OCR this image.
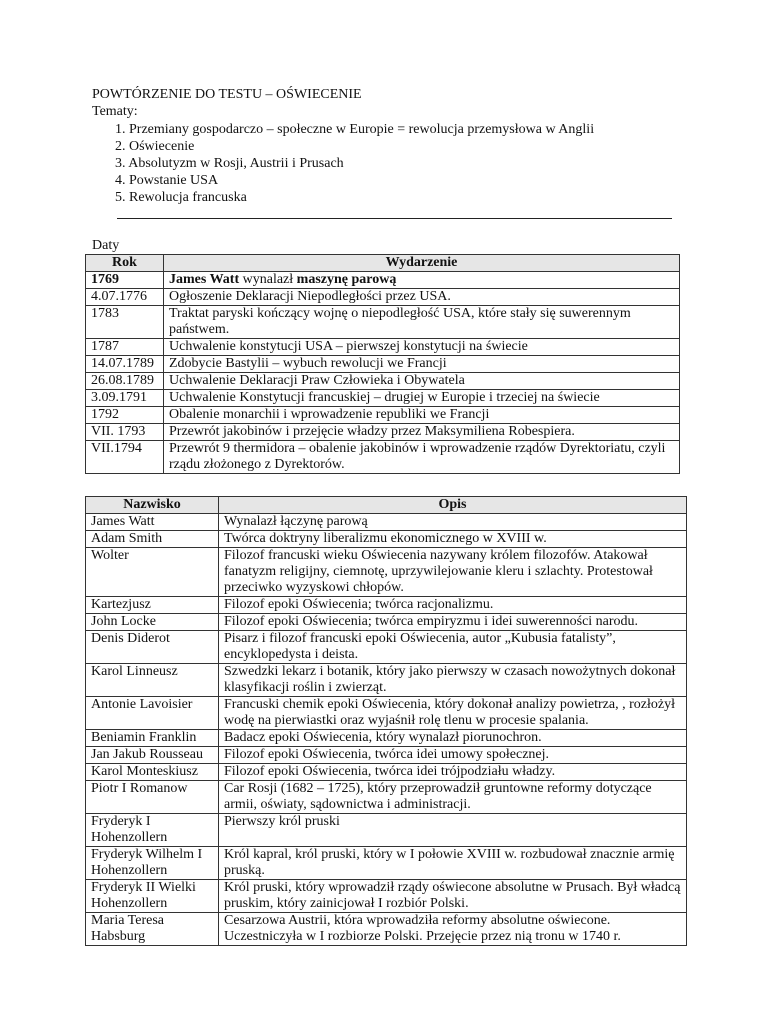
POWTÓRZENIE DO TESTU – OŚWIECENIE
Tematy:
1. Przemiany gospodarczo – społeczne w Europie = rewolucja przemysłowa w Anglii
2. Oświecenie
3. Absolutyzm w Rosji, Austrii i Prusach
4. Powstanie USA
5. Rewolucja francuska
Daty
Rok	Wydarzenie
1769	James Watt wynalazł maszynę parową
4.07.1776	Ogłoszenie Deklaracji Niepodległości przez USA.
1783	Traktat paryski kończący wojnę o niepodległość USA, które stały się suwerennym państwem.
1787	Uchwalenie konstytucji USA – pierwszej konstytucji na świecie
14.07.1789	Zdobycie Bastylii – wybuch rewolucji we Francji
26.08.1789	Uchwalenie Deklaracji Praw Człowieka i Obywatela
3.09.1791	Uchwalenie Konstytucji francuskiej – drugiej w Europie i trzeciej na świecie
1792	Obalenie monarchii i wprowadzenie republiki we Francji
VII. 1793	Przewrót jakobinów i przejęcie władzy przez Maksymiliena Robespiera.
VII.1794	Przewrót 9 thermidora – obalenie jakobinów i wprowadzenie rządów Dyrektoriatu, czyli rządu złożonego z Dyrektorów.
Nazwisko	Opis
James Watt	Wynalazł łączynę parową
Adam Smith	Twórca doktryny liberalizmu ekonomicznego w XVIII w.
Wolter	Filozof francuski wieku Oświecenia nazywany królem filozofów. Atakował fanatyzm religijny, ciemnotę, uprzywilejowanie kleru i szlachty. Protestował przeciwko wyzyskowi chłopów.
Kartezjusz	Filozof epoki Oświecenia; twórca racjonalizmu.
John Locke	Filozof epoki Oświecenia; twórca empiryzmu i idei suwerenności narodu.
Denis Diderot	Pisarz i filozof francuski epoki Oświecenia, autor „Kubusia fatalisty”, encyklopedysta i deista.
Karol Linneusz	Szwedzki lekarz i botanik, który jako pierwszy w czasach nowożytnych dokonał klasyfikacji roślin i zwierząt.
Antonie Lavoisier	Francuski chemik epoki Oświecenia, który dokonał analizy powietrza, , rozłożył wodę na pierwiastki oraz wyjaśnił rolę tlenu w procesie spalania.
Beniamin Franklin	Badacz epoki Oświecenia, który wynalazł piorunochron.
Jan Jakub Rousseau	Filozof epoki Oświecenia, twórca idei umowy społecznej.
Karol Monteskiusz	Filozof epoki Oświecenia, twórca idei trójpodziału władzy.
Piotr I Romanow	Car Rosji (1682 – 1725), który przeprowadził gruntowne reformy dotyczące armii, oświaty, sądownictwa i administracji.
Fryderyk I Hohenzollern	Pierwszy król pruski
Fryderyk Wilhelm I Hohenzollern	Król kapral, król pruski, który w I połowie XVIII w. rozbudował znacznie armię pruską.
Fryderyk II Wielki Hohenzollern	Król pruski, który wprowadził rządy oświecone absolutne w Prusach. Był władcą pruskim, który zainicjował I rozbiór Polski.
Maria Teresa Habsburg	Cesarzowa Austrii, która wprowadziła reformy absolutne oświecone. Uczestniczyła w I rozbiorze Polski. Przejęcie przez nią tronu w 1740 r.
